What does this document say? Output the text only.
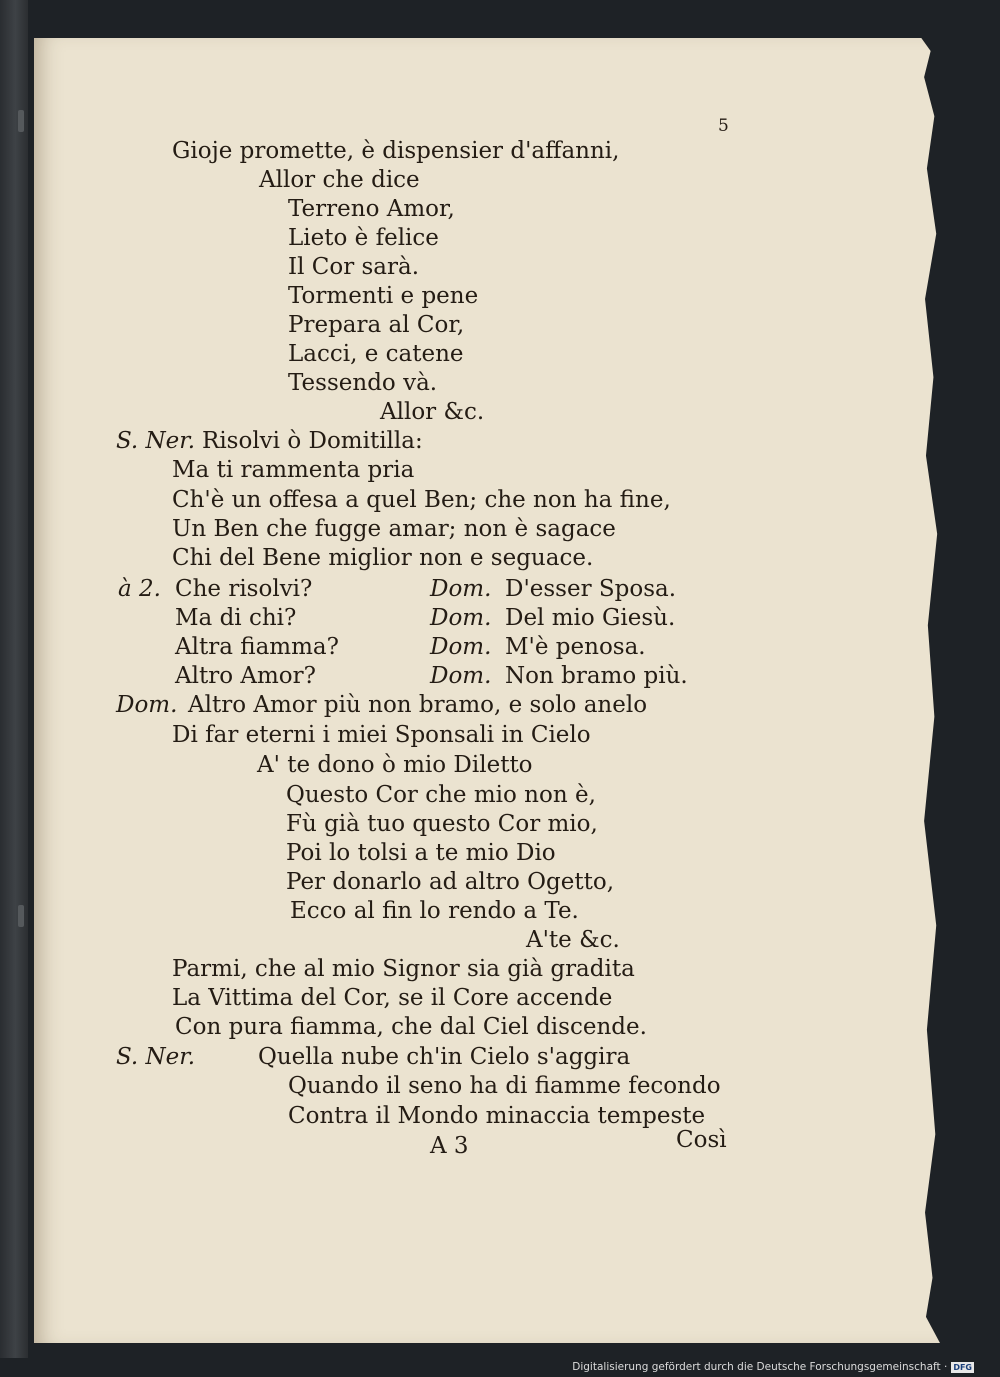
5
Gioje promette, è dispensier d'affanni,
Allor che dice
Terreno Amor,
Lieto è felice
Il Cor sarà.
Tormenti e pene
Prepara al Cor,
Lacci, e catene
Tessendo và.
Allor &c.
S. Ner. Risolvi ò Domitilla:
Ma ti rammenta pria
Ch'è un offesa a quel Ben; che non ha fine,
Un Ben che fugge amar; non è sagace
Chi del Bene miglior non e seguace.
à 2. Che risolvi?	Dom. D'esser Sposa.
Ma di chi?	Dom. Del mio Giesù.
Altra fiamma?	Dom. M'è penosa.
Altro Amor?	Dom. Non bramo più.
Dom. Altro Amor più non bramo, e solo anelo
Di far eterni i miei Sponsali in Cielo
A' te dono ò mio Diletto
Questo Cor che mio non è,
Fù già tuo questo Cor mio,
Poi lo tolsi a te mio Dio
Per donarlo ad altro Ogetto,
Ecco al fin lo rendo a Te.
A'te &c.
Parmi, che al mio Signor sia già gradita
La Vittima del Cor, se il Core accende
Con pura fiamma, che dal Ciel discende.
S. Ner.	Quella nube ch'in Cielo s'aggira
Quando il seno ha di fiamme fecondo
Contra il Mondo minaccia tempeste
A 3	Così
Digitalisierung gefördert durch die Deutsche Forschungsgemeinschaft · DFG
